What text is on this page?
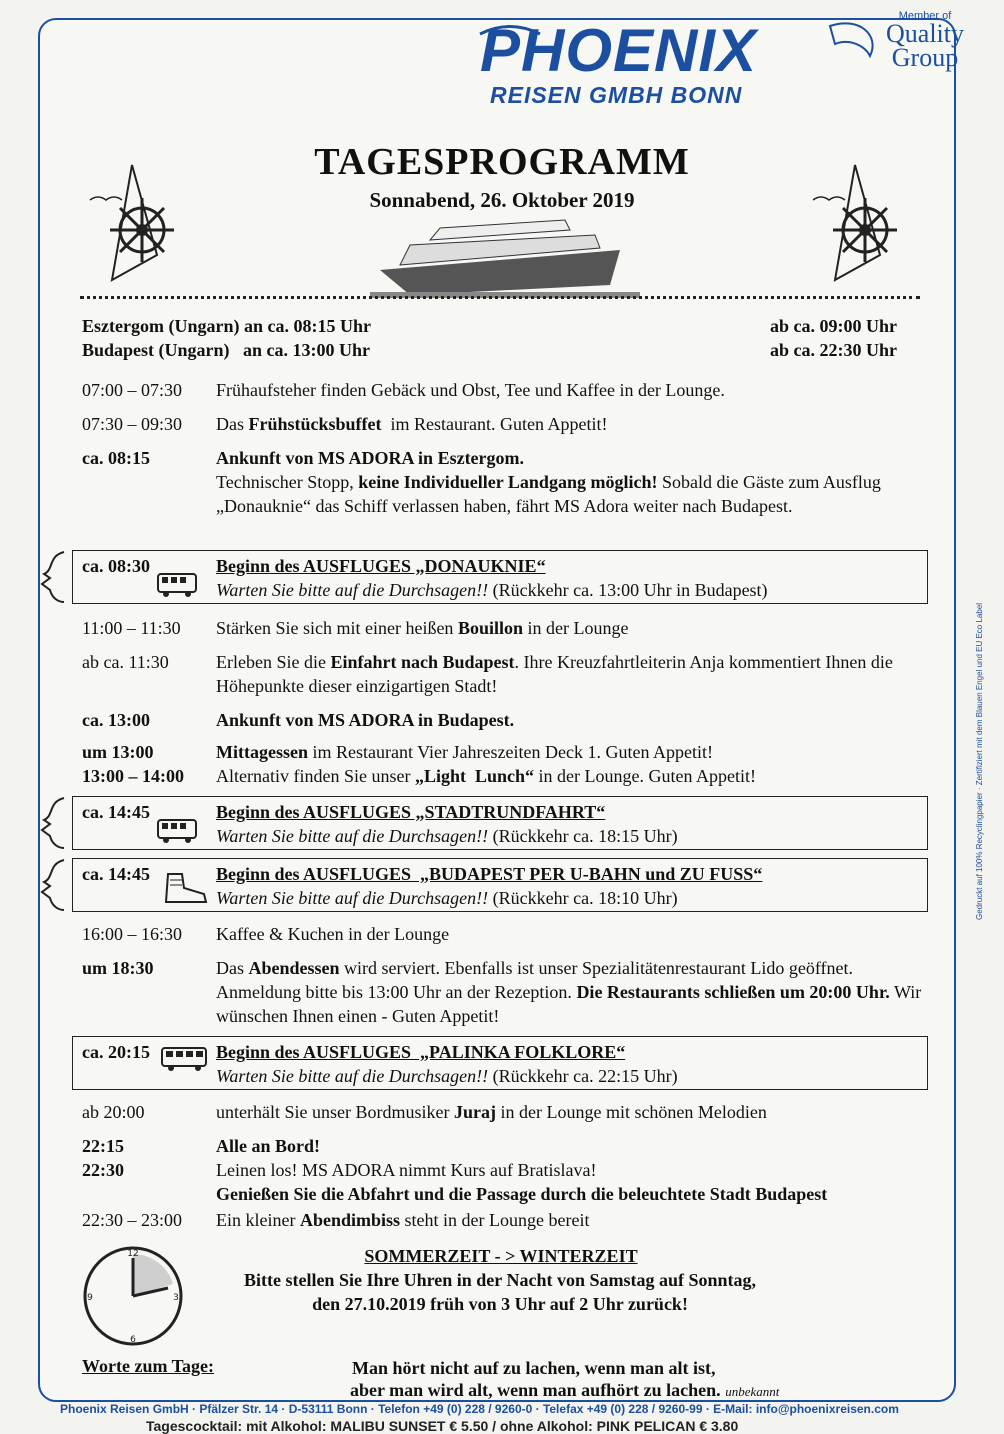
PHOENIX
REISEN GMBH BONN
Member of
Quality Group
TAGESPROGRAMM
Sonnabend, 26. Oktober 2019
Esztergom (Ungarn) an ca. 08:15 Uhr	ab ca. 09:00 Uhr
Budapest (Ungarn)   an ca. 13:00 Uhr	ab ca. 22:30 Uhr
07:00 – 07:30 Frühaufsteher finden Gebäck und Obst, Tee und Kaffee in der Lounge.
07:30 – 09:30 Das Frühstücksbuffet  im Restaurant. Guten Appetit!
ca. 08:15	Ankunft von MS ADORA in Esztergom.
Technischer Stopp, keine Individueller Landgang möglich! Sobald die Gäste zum Ausflug „Donauknie“ das Schiff verlassen haben, fährt MS Adora weiter nach Budapest.
ca. 08:30	Beginn des AUSFLUGES „DONAUKNIE“
Warten Sie bitte auf die Durchsagen!! (Rückkehr ca. 13:00 Uhr in Budapest)
11:00 – 11:30 Stärken Sie sich mit einer heißen Bouillon in der Lounge
ab ca. 11:30	Erleben Sie die Einfahrt nach Budapest. Ihre Kreuzfahrtleiterin Anja kommentiert Ihnen die Höhepunkte dieser einzigartigen Stadt!
ca. 13:00	Ankunft von MS ADORA in Budapest.
um 13:00	Mittagessen im Restaurant Vier Jahreszeiten Deck 1. Guten Appetit!
13:00 – 14:00 Alternativ finden Sie unser „Light  Lunch“ in der Lounge. Guten Appetit!
ca. 14:45	Beginn des AUSFLUGES „STADTRUNDFAHRT“
Warten Sie bitte auf die Durchsagen!! (Rückkehr ca. 18:15 Uhr)
ca. 14:45	Beginn des AUSFLUGES  „BUDAPEST PER U-BAHN und ZU FUSS“
Warten Sie bitte auf die Durchsagen!! (Rückkehr ca. 18:10 Uhr)
16:00 – 16:30 Kaffee & Kuchen in der Lounge
um 18:30	Das Abendessen wird serviert. Ebenfalls ist unser Spezialitätenrestaurant Lido geöffnet. Anmeldung bitte bis 13:00 Uhr an der Rezeption. Die Restaurants schließen um 20:00 Uhr. Wir wünschen Ihnen einen - Guten Appetit!
ca. 20:15	Beginn des AUSFLUGES  „PALINKA FOLKLORE“
Warten Sie bitte auf die Durchsagen!! (Rückkehr ca. 22:15 Uhr)
ab 20:00	unterhält Sie unser Bordmusiker Juraj in der Lounge mit schönen Melodien
22:15	Alle an Bord!
22:30	Leinen los! MS ADORA nimmt Kurs auf Bratislava!
Genießen Sie die Abfahrt und die Passage durch die beleuchtete Stadt Budapest
22:30 – 23:00 Ein kleiner Abendimbiss steht in der Lounge bereit
12
3
6
9
SOMMERZEIT - > WINTERZEIT
Bitte stellen Sie Ihre Uhren in der Nacht von Samstag auf Sonntag,
den 27.10.2019 früh von 3 Uhr auf 2 Uhr zurück!
Worte zum Tage:	Man hört nicht auf zu lachen, wenn man alt ist,
aber man wird alt, wenn man aufhört zu lachen. unbekannt
Tagescocktail: mit Alkohol: MALIBU SUNSET € 5.50 / ohne Alkohol: PINK PELICAN € 3.80
Phoenix Reisen GmbH · Pfälzer Str. 14 · D-53111 Bonn · Telefon +49 (0) 228 / 9260-0 · Telefax +49 (0) 228 / 9260-99 · E-Mail: info@phoenixreisen.com
Gedruckt auf 100% Recyclingpapier · Zertifiziert mit dem Blauen Engel und EU Eco Label
